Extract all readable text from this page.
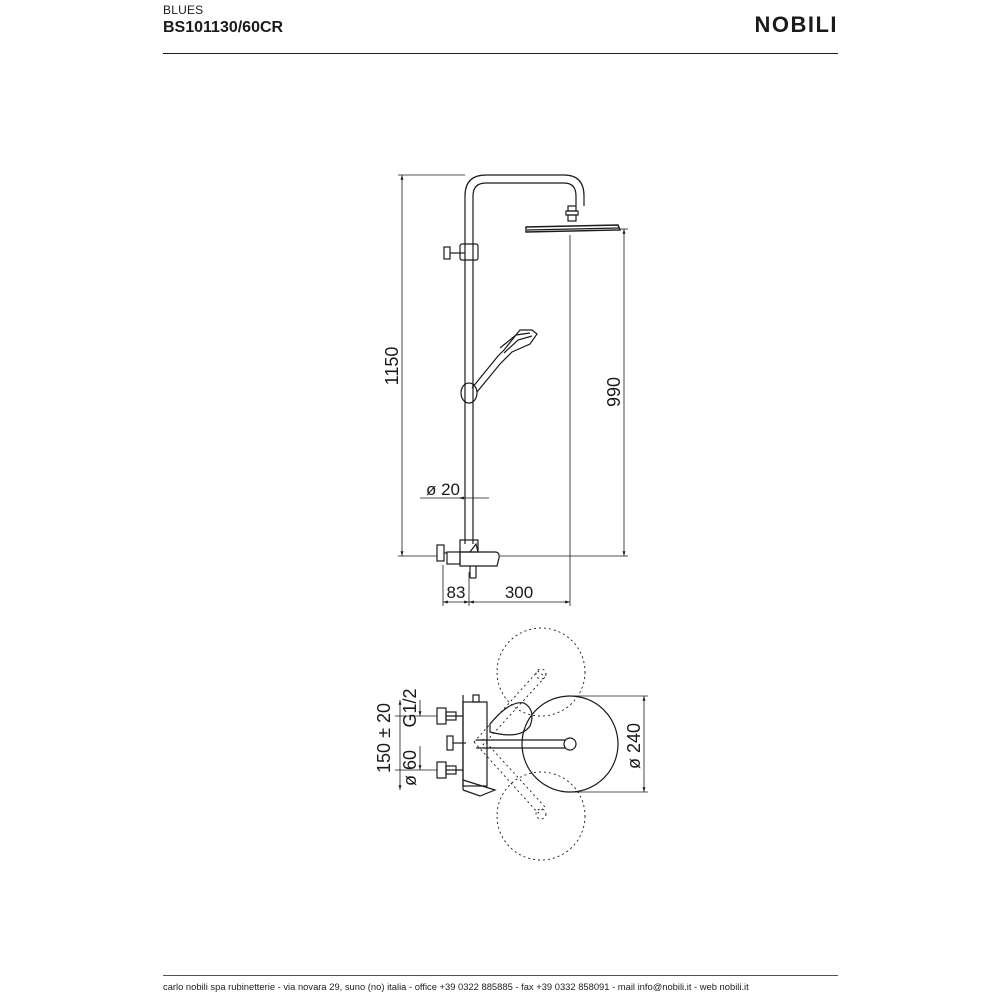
BLUES
BS101130/60CR	NOBILI
1150
990
ø 20
83 300
150 ± 20 G1/2
ø 60	ø 240
carlo nobili spa rubinetterie - via novara 29, suno (no) italia - office +39 0322 885885 - fax +39 0332 858091 - mail info@nobili.it - web nobili.it
